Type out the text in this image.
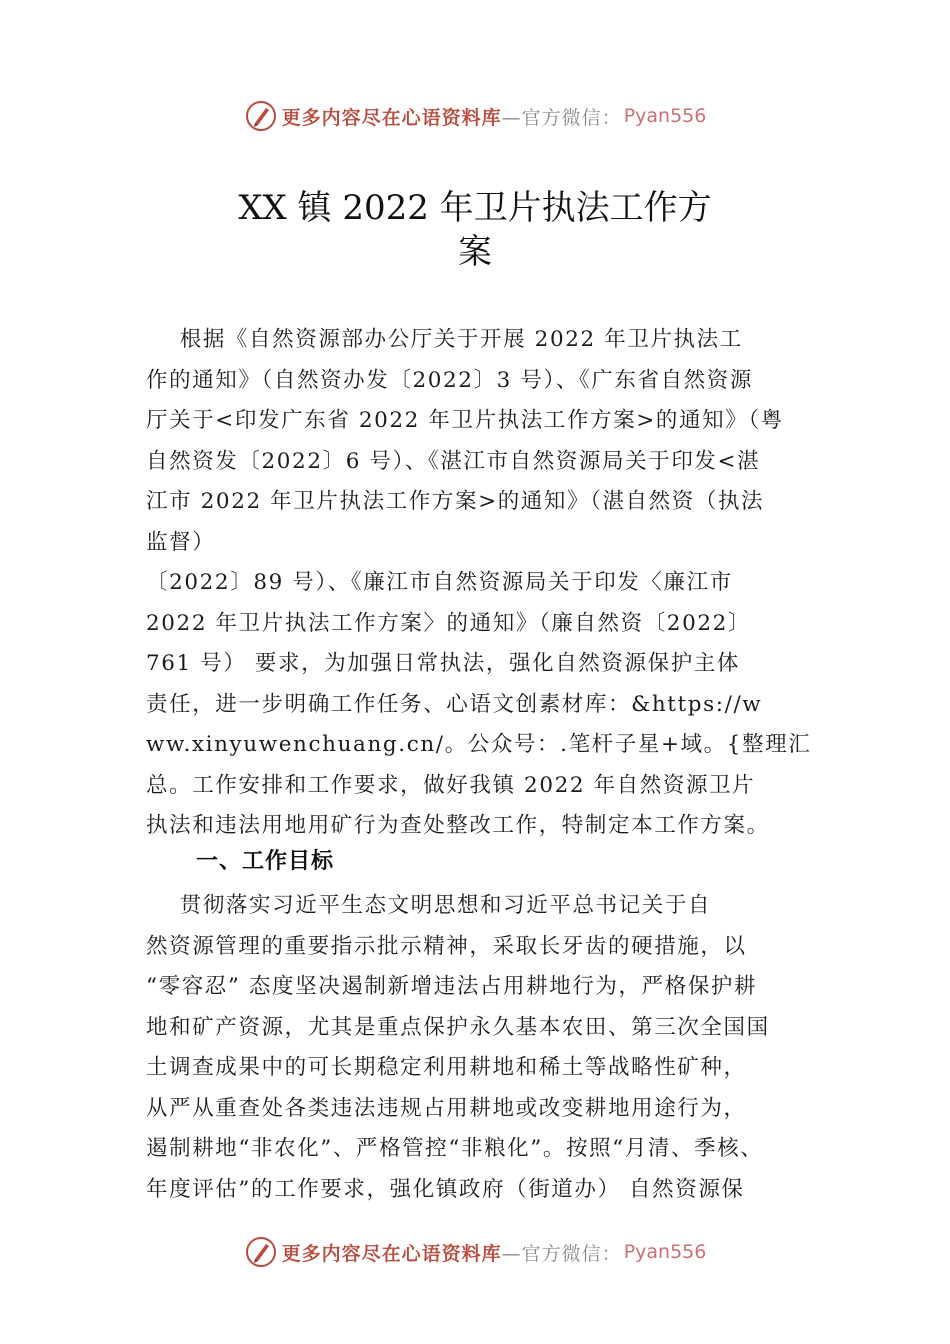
更多内容尽在心语资料库 —官方微信： Pyan556
XX 镇 2022 年卫片执法工作方
案
根据《自然资源部办公厅关于开展 2022 年卫片执法工
作的通知》（自然资办发〔2022〕3 号）、《广东省自然资源
厅关于<印发广东省 2022 年卫片执法工作方案>的通知》（粤
自然资发〔2022〕6 号）、《湛江市自然资源局关于印发<湛
江市 2022 年卫片执法工作方案>的通知》（湛自然资（执法
监督）
〔2022〕89 号）、《廉江市自然资源局关于印发〈廉江市
2022 年卫片执法工作方案〉的通知》（廉自然资〔2022〕
761 号） 要求，为加强日常执法，强化自然资源保护主体
责任，进一步明确工作任务、心语文创素材库：&https://w
ww.xinyuwenchuang.cn/。公众号：.笔杆子星+域。{整理汇
总。工作安排和工作要求，做好我镇 2022 年自然资源卫片
执法和违法用地用矿行为查处整改工作，特制定本工作方案。
一、工作目标
贯彻落实习近平生态文明思想和习近平总书记关于自
然资源管理的重要指示批示精神，采取长牙齿的硬措施，以
“零容忍” 态度坚决遏制新增违法占用耕地行为，严格保护耕
地和矿产资源，尤其是重点保护永久基本农田、第三次全国国
土调查成果中的可长期稳定利用耕地和稀土等战略性矿种，
从严从重查处各类违法违规占用耕地或改变耕地用途行为，
遏制耕地“非农化”、严格管控“非粮化”。按照“月清、季核、
年度评估”的工作要求，强化镇政府（街道办） 自然资源保
更多内容尽在心语资料库 —官方微信： Pyan556
